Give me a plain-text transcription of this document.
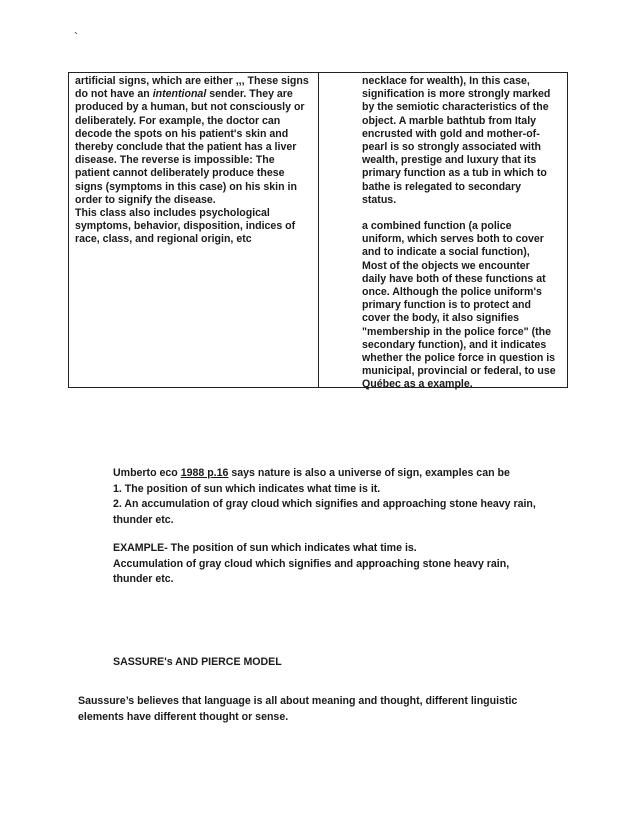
`

artificial signs, which are either ,,, These signs
do not have an intentional sender. They are
produced by a human, but not consciously or
deliberately. For example, the doctor can
decode the spots on his patient's skin and
thereby conclude that the patient has a liver
disease. The reverse is impossible: The
patient cannot deliberately produce these
signs (symptoms in this case) on his skin in
order to signify the disease.
This class also includes psychological
symptoms, behavior, disposition, indices of
race, class, and regional origin, etc

necklace for wealth), In this case,
signification is more strongly marked
by the semiotic characteristics of the
object. A marble bathtub from Italy
encrusted with gold and mother-of-
pearl is so strongly associated with
wealth, prestige and luxury that its
primary function as a tub in which to
bathe is relegated to secondary
status.

a combined function (a police
uniform, which serves both to cover
and to indicate a social function),
Most of the objects we encounter
daily have both of these functions at
once. Although the police uniform's
primary function is to protect and
cover the body, it also signifies
"membership in the police force" (the
secondary function), and it indicates
whether the police force in question is
municipal, provincial or federal, to use
Québec as a example.

Umberto eco 1988 p.16 says nature is also a universe of sign, examples can be
1. The position of sun which indicates what time is it.
2. An accumulation of gray cloud which signifies and approaching stone heavy rain,
thunder etc.
EXAMPLE- The position of sun which indicates what time is.
Accumulation of gray cloud which signifies and approaching stone heavy rain,
thunder etc.
SASSURE's AND PIERCE MODEL
Saussure’s believes that language is all about meaning and thought, different linguistic
elements have different thought or sense.
